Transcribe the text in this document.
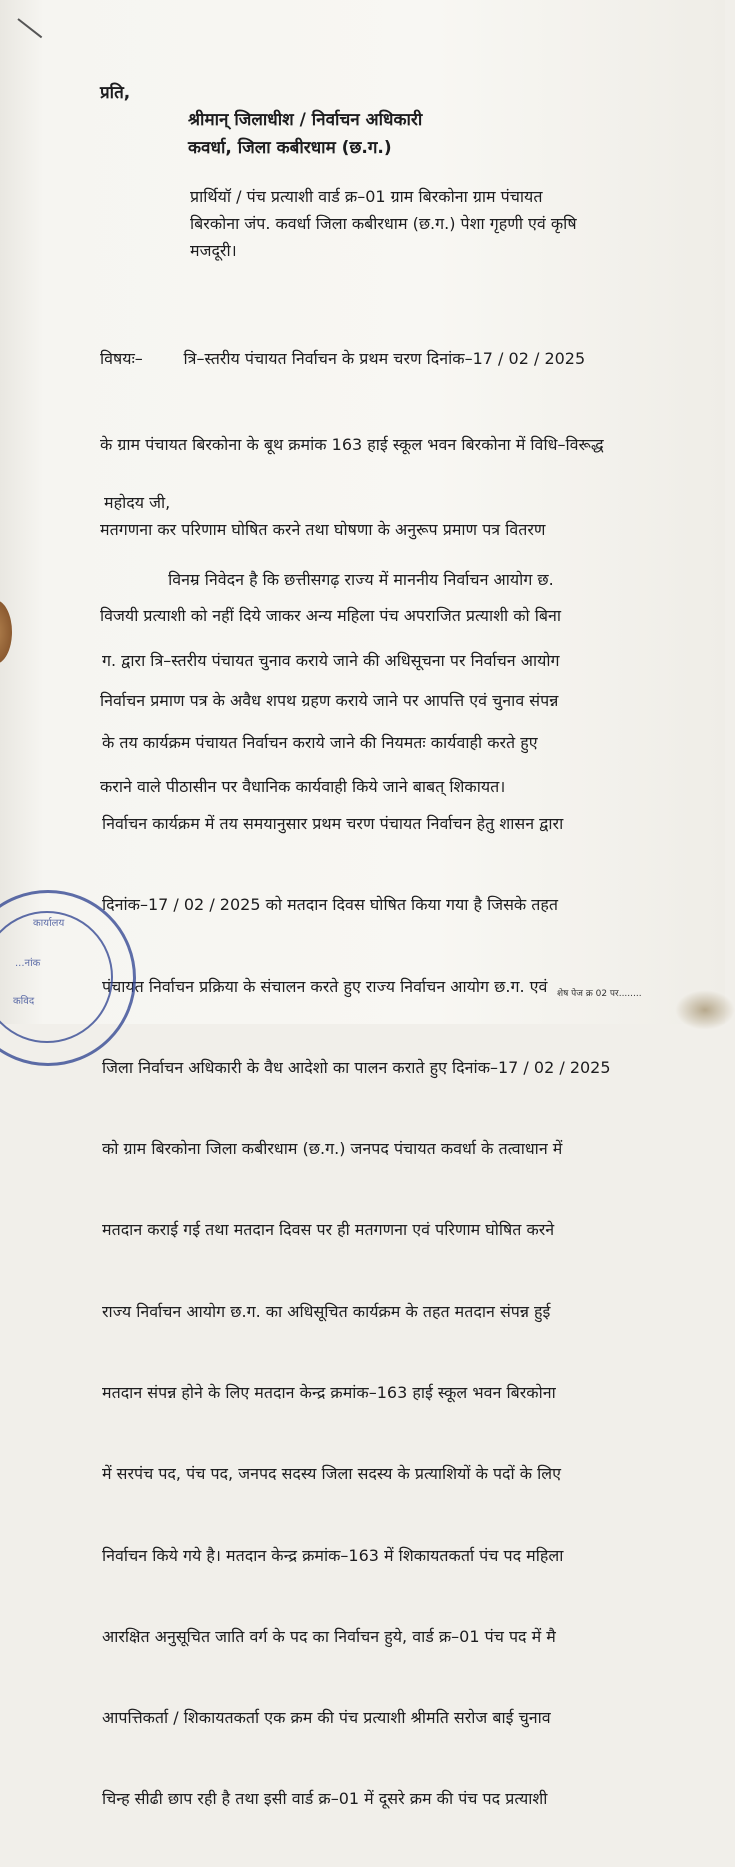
प्रति,
श्रीमान् जिलाधीश / निर्वाचन अधिकारी
कवर्धा, जिला कबीरधाम (छ.ग.)
प्रार्थियॉ / पंच प्रत्याशी वार्ड क्र–01 ग्राम बिरकोना ग्राम पंचायत
बिरकोना जंप. कवर्धा जिला कबीरधाम (छ.ग.) पेशा गृहणी एवं कृषि
मजदूरी।

विषयः–        त्रि–स्तरीय पंचायत निर्वाचन के प्रथम चरण दिनांक–17 / 02 / 2025

के ग्राम पंचायत बिरकोना के बूथ क्रमांक 163 हाई स्कूल भवन बिरकोना में विधि–विरूद्ध

मतगणना कर परिणाम घोषित करने तथा घोषणा के अनुरूप प्रमाण पत्र वितरण

विजयी प्रत्याशी को नहीं दिये जाकर अन्य महिला पंच अपराजित प्रत्याशी को बिना

निर्वाचन प्रमाण पत्र के अवैध शपथ ग्रहण कराये जाने पर आपत्ति एवं चुनाव संपन्न

कराने वाले पीठासीन पर वैधानिक कार्यवाही किये जाने बाबत् शिकायत।

महोदय जी,

विनम्र निवेदन है कि छत्तीसगढ़ राज्य में माननीय निर्वाचन आयोग छ.

ग. द्वारा त्रि–स्तरीय पंचायत चुनाव कराये जाने की अधिसूचना पर निर्वाचन आयोग

के तय कार्यक्रम पंचायत निर्वाचन कराये जाने की नियमतः कार्यवाही करते हुए

निर्वाचन कार्यक्रम में तय समयानुसार प्रथम चरण पंचायत निर्वाचन हेतु शासन द्वारा

दिनांक–17 / 02 / 2025 को मतदान दिवस घोषित किया गया है जिसके तहत

पंचायत निर्वाचन प्रक्रिया के संचालन करते हुए राज्य निर्वाचन आयोग छ.ग. एवं

जिला निर्वाचन अधिकारी के वैध आदेशो का पालन कराते हुए दिनांक–17 / 02 / 2025

को ग्राम बिरकोना जिला कबीरधाम (छ.ग.) जनपद पंचायत कवर्धा के तत्वाधान में

मतदान कराई गई तथा मतदान दिवस पर ही मतगणना एवं परिणाम घोषित करने

राज्य निर्वाचन आयोग छ.ग. का अधिसूचित कार्यक्रम के तहत मतदान संपन्न हुई

मतदान संपन्न होने के लिए मतदान केन्द्र क्रमांक–163 हाई स्कूल भवन बिरकोना

में सरपंच पद, पंच पद, जनपद सदस्य जिला सदस्य के प्रत्याशियों के पदों के लिए

निर्वाचन किये गये है। मतदान केन्द्र क्रमांक–163 में शिकायतकर्ता पंच पद महिला

आरक्षित अनुसूचित जाति वर्ग के पद का निर्वाचन हुये, वार्ड क्र–01 पंच पद में मै

आपत्तिकर्ता / शिकायतकर्ता एक क्रम की पंच प्रत्याशी श्रीमति सरोज बाई चुनाव

चिन्ह सीढी छाप रही है तथा इसी वार्ड क्र–01 में दूसरे क्रम की पंच पद प्रत्याशी

शेष पेज क्र 02 पर........
कार्यालय
...नांक
कविद
